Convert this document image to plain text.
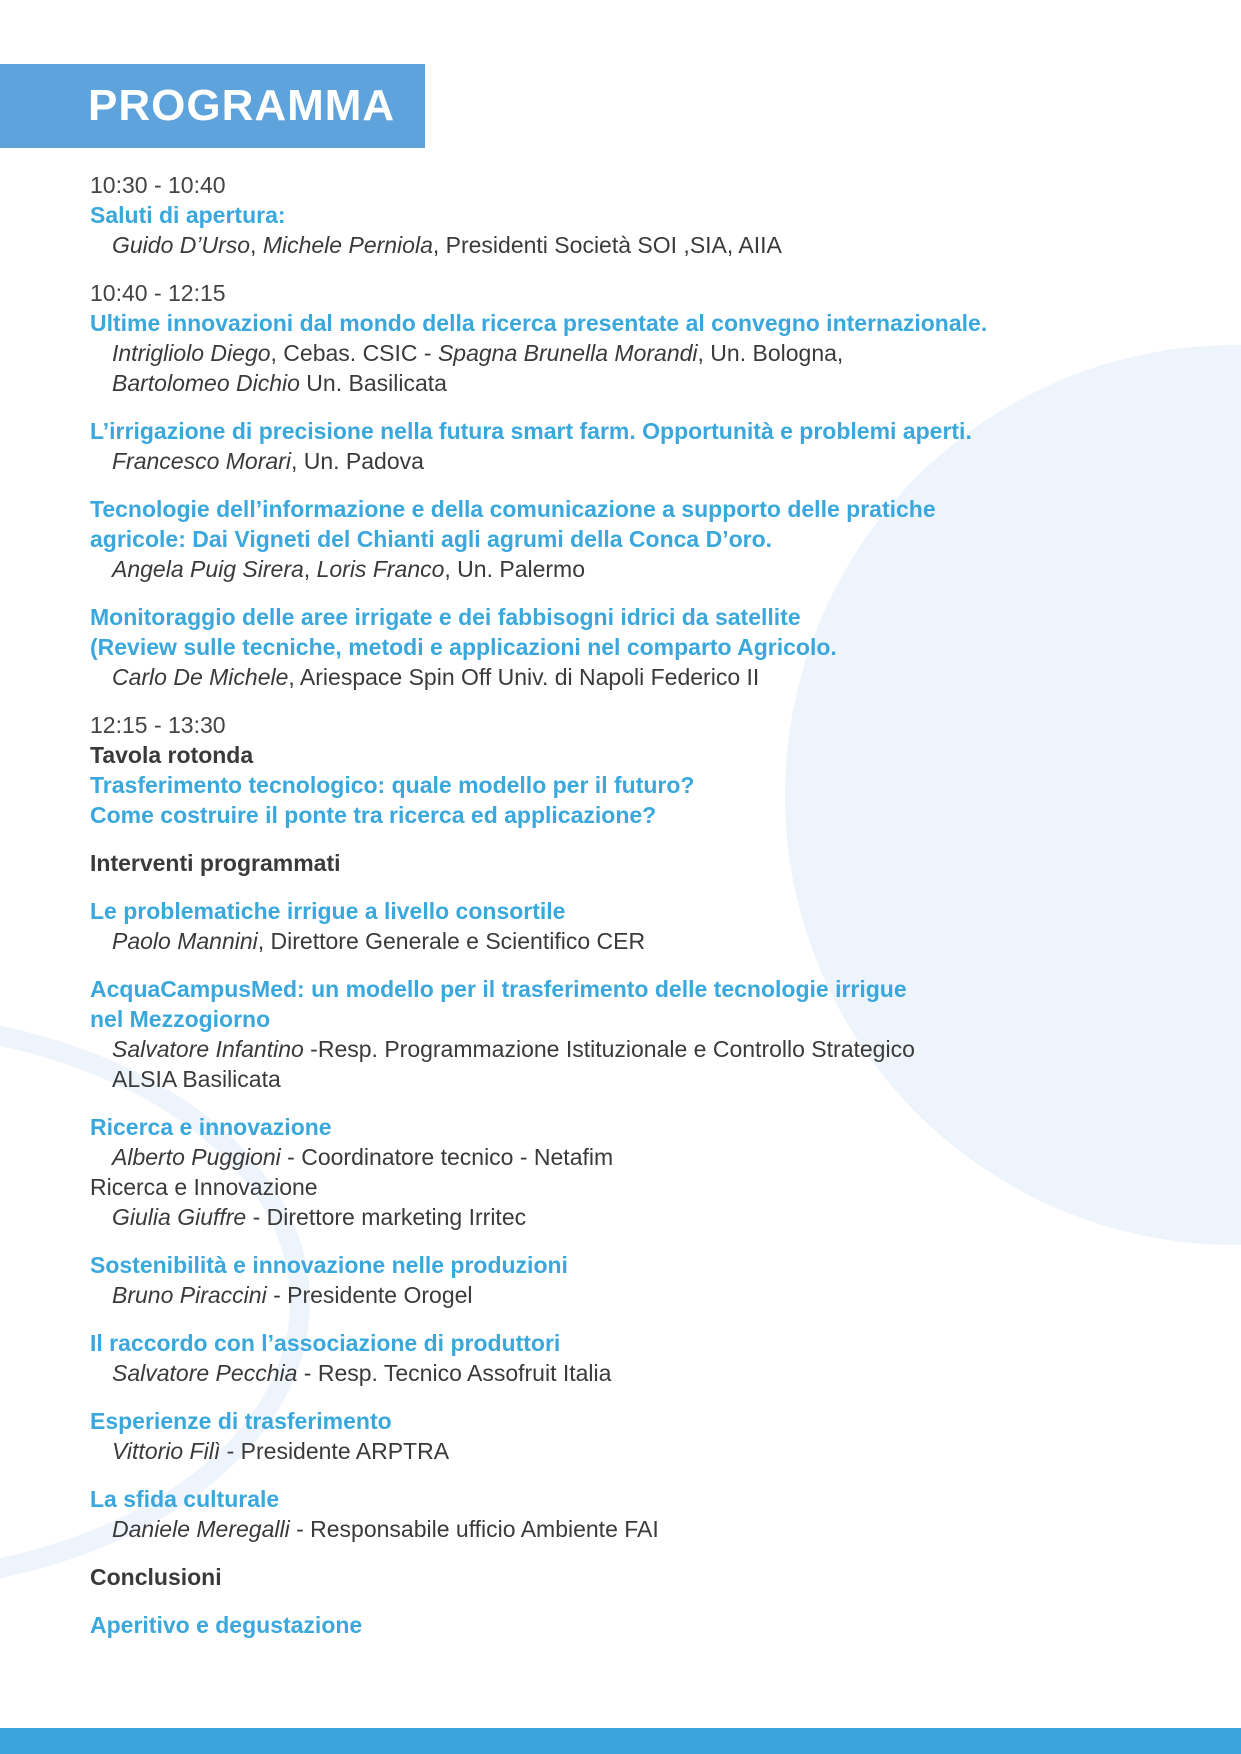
PROGRAMMA
10:30 - 10:40
Saluti di apertura:
Guido D’Urso, Michele Perniola, Presidenti Società SOI ,SIA, AIIA
10:40 - 12:15
Ultime innovazioni dal mondo della ricerca presentate al convegno internazionale.
Intrigliolo Diego, Cebas. CSIC - Spagna Brunella Morandi, Un. Bologna,
Bartolomeo Dichio Un. Basilicata
L’irrigazione di precisione nella futura smart farm. Opportunità e problemi aperti.
Francesco Morari, Un. Padova
Tecnologie dell’informazione e della comunicazione a supporto delle pratiche
agricole: Dai Vigneti del Chianti agli agrumi della Conca D’oro.
Angela Puig Sirera, Loris Franco, Un. Palermo
Monitoraggio delle aree irrigate e dei fabbisogni idrici da satellite
(Review sulle tecniche, metodi e applicazioni nel comparto Agricolo.
Carlo De Michele, Ariespace Spin Off Univ. di Napoli Federico II
12:15 - 13:30
Tavola rotonda
Trasferimento tecnologico: quale modello per il futuro?
Come costruire il ponte tra ricerca ed applicazione?
Interventi programmati
Le problematiche irrigue a livello consortile
Paolo Mannini, Direttore Generale e Scientifico CER
AcquaCampusMed: un modello per il trasferimento delle tecnologie irrigue
nel Mezzogiorno
Salvatore Infantino -Resp. Programmazione Istituzionale e Controllo Strategico
ALSIA Basilicata
Ricerca e innovazione
Alberto Puggioni - Coordinatore tecnico - Netafim
Ricerca e Innovazione
Giulia Giuffre - Direttore marketing Irritec
Sostenibilità e innovazione nelle produzioni
Bruno Piraccini - Presidente Orogel
Il raccordo con l’associazione di produttori
Salvatore Pecchia - Resp. Tecnico Assofruit Italia
Esperienze di trasferimento
Vittorio Filì - Presidente ARPTRA
La sfida culturale
Daniele Meregalli - Responsabile ufficio Ambiente FAI
Conclusioni
Aperitivo e degustazione
